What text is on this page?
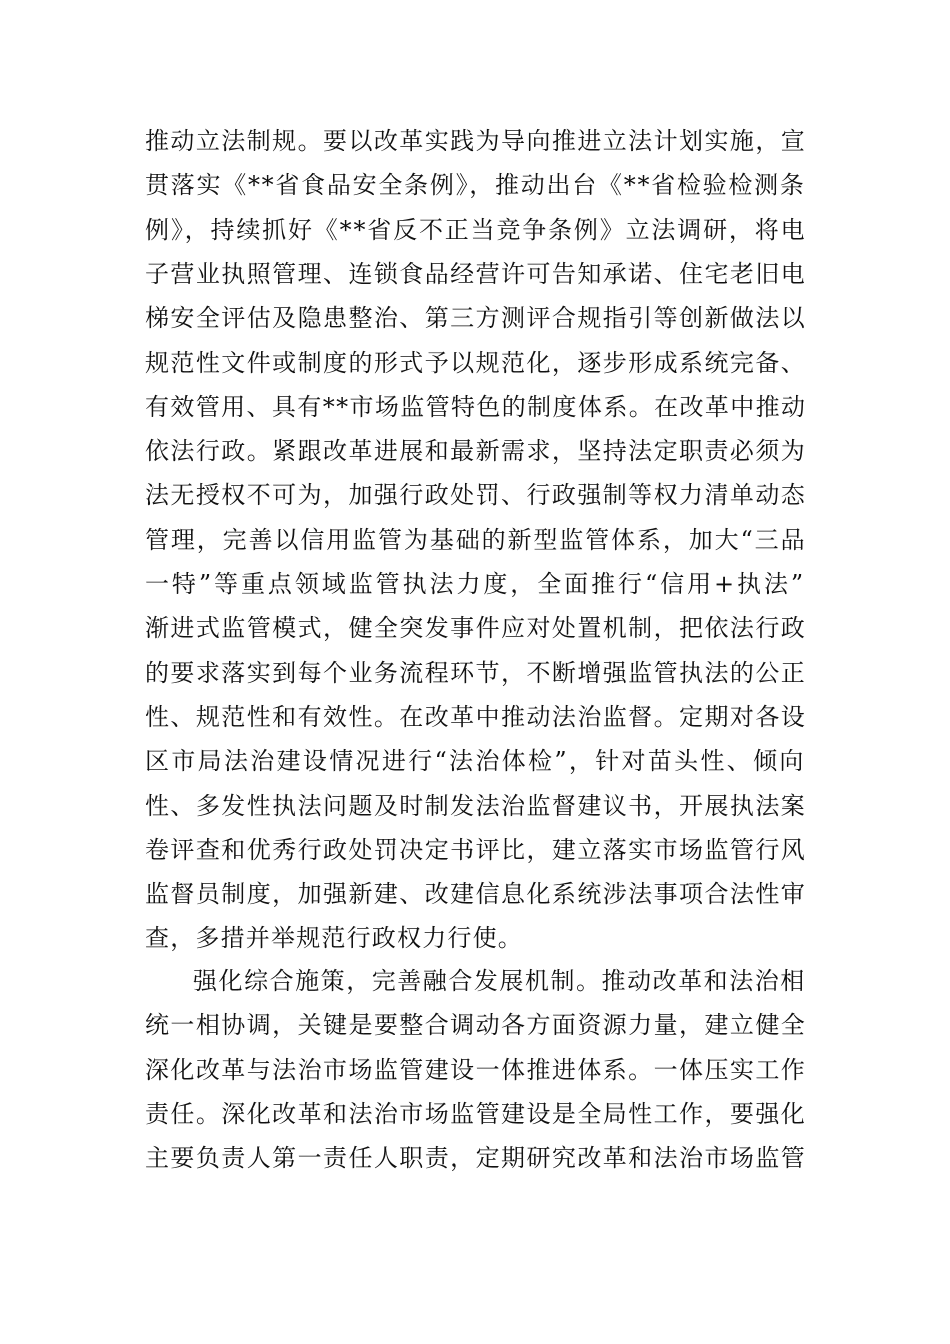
推动立法制规。要以改革实践为导向推进立法计划实施，宣
贯落实《**省食品安全条例》，推动出台《**省检验检测条
例》，持续抓好《**省反不正当竞争条例》立法调研，将电
子营业执照管理、连锁食品经营许可告知承诺、住宅老旧电
梯安全评估及隐患整治、第三方测评合规指引等创新做法以
规范性文件或制度的形式予以规范化，逐步形成系统完备、
有效管用、具有**市场监管特色的制度体系。在改革中推动
依法行政。紧跟改革进展和最新需求，坚持法定职责必须为
法无授权不可为，加强行政处罚、行政强制等权力清单动态
管理，完善以信用监管为基础的新型监管体系，加大“三品
一特”等重点领域监管执法力度，全面推行“信用+执法”
渐进式监管模式，健全突发事件应对处置机制，把依法行政
的要求落实到每个业务流程环节，不断增强监管执法的公正
性、规范性和有效性。在改革中推动法治监督。定期对各设
区市局法治建设情况进行“法治体检”，针对苗头性、倾向
性、多发性执法问题及时制发法治监督建议书，开展执法案
卷评查和优秀行政处罚决定书评比，建立落实市场监管行风
监督员制度，加强新建、改建信息化系统涉法事项合法性审
查，多措并举规范行政权力行使。
强化综合施策，完善融合发展机制。推动改革和法治相
统一相协调，关键是要整合调动各方面资源力量，建立健全
深化改革与法治市场监管建设一体推进体系。一体压实工作
责任。深化改革和法治市场监管建设是全局性工作，要强化
主要负责人第一责任人职责，定期研究改革和法治市场监管
